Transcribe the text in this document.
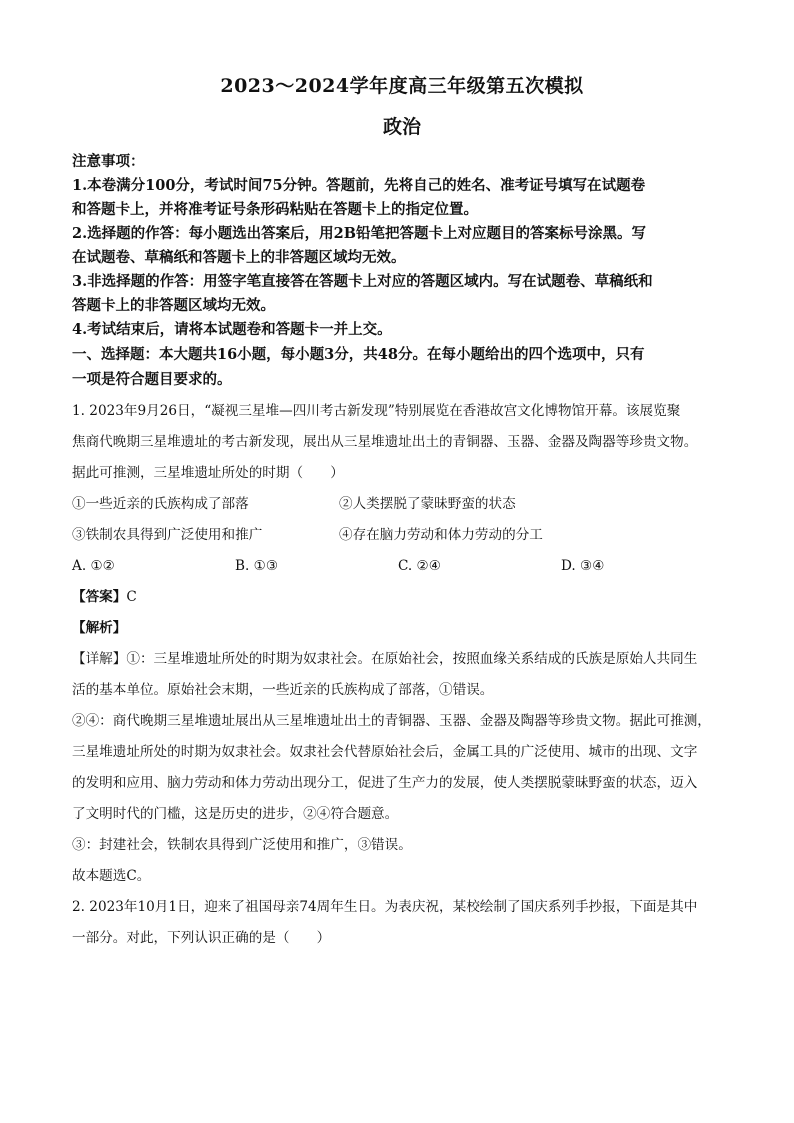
2023～2024学年度高三年级第五次模拟
政治

注意事项：

1.本卷满分100分，考试时间75分钟。答题前，先将自己的姓名、准考证号填写在试题卷

和答题卡上，并将准考证号条形码粘贴在答题卡上的指定位置。

2.选择题的作答：每小题选出答案后，用2B铅笔把答题卡上对应题目的答案标号涂黑。写

在试题卷、草稿纸和答题卡上的非答题区域均无效。

3.非选择题的作答：用签字笔直接答在答题卡上对应的答题区域内。写在试题卷、草稿纸和

答题卡上的非答题区域均无效。

4.考试结束后，请将本试题卷和答题卡一并上交。

一、选择题：本大题共16小题，每小题3分，共48分。在每小题给出的四个选项中，只有

一项是符合题目要求的。

1. 2023年9月26日，“凝视三星堆—四川考古新发现”特别展览在香港故宫文化博物馆开幕。该展览聚

焦商代晚期三星堆遗址的考古新发现，展出从三星堆遗址出土的青铜器、玉器、金器及陶器等珍贵文物。

据此可推测，三星堆遗址所处的时期（　　）

①一些近亲的氏族构成了部落	②人类摆脱了蒙昧野蛮的状态
③铁制农具得到广泛使用和推广	④存在脑力劳动和体力劳动的分工
A. ①②	B. ①③	C. ②④	D. ③④

【答案】C

【解析】

【详解】①：三星堆遗址所处的时期为奴隶社会。在原始社会，按照血缘关系结成的氏族是原始人共同生

活的基本单位。原始社会末期，一些近亲的氏族构成了部落，①错误。

②④：商代晚期三星堆遗址展出从三星堆遗址出土的青铜器、玉器、金器及陶器等珍贵文物。据此可推测，

三星堆遗址所处的时期为奴隶社会。奴隶社会代替原始社会后，金属工具的广泛使用、城市的出现、文字

的发明和应用、脑力劳动和体力劳动出现分工，促进了生产力的发展，使人类摆脱蒙昧野蛮的状态，迈入

了文明时代的门槛，这是历史的进步，②④符合题意。

③：封建社会，铁制农具得到广泛使用和推广，③错误。

故本题选C。

2. 2023年10月1日，迎来了祖国母亲74周年生日。为表庆祝，某校绘制了国庆系列手抄报，下面是其中

一部分。对此，下列认识正确的是（　　）
